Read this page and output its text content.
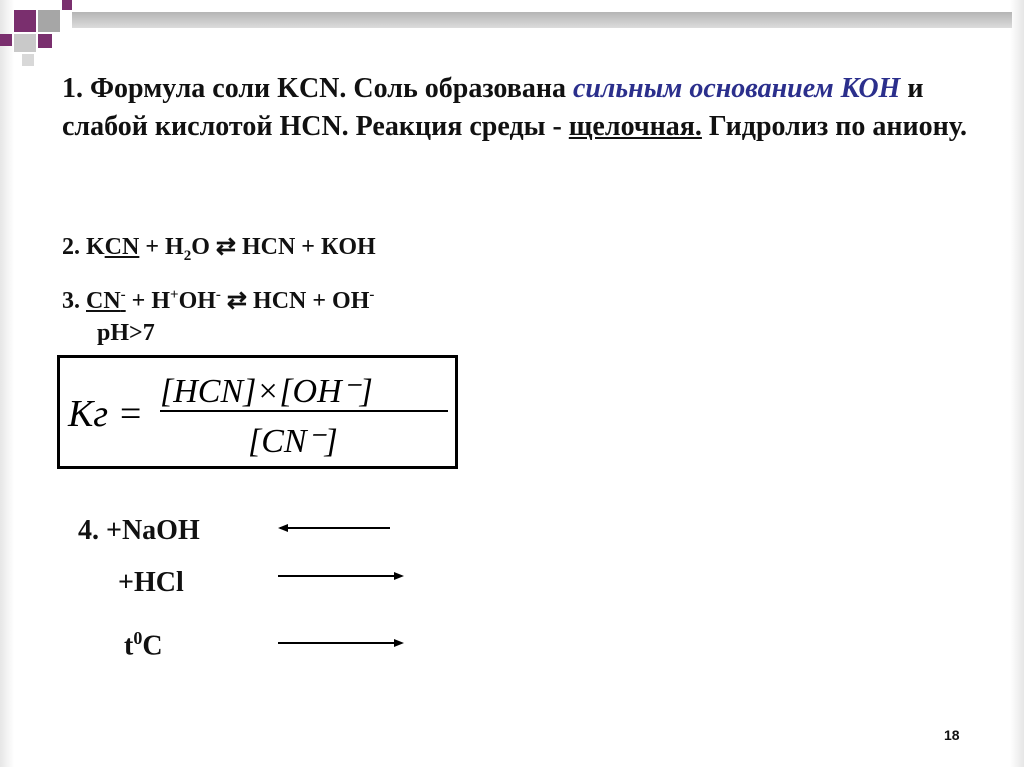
1. Формула соли KCN. Соль образована сильным основанием КОН и слабой кислотой HCN. Реакция среды - щелочная. Гидролиз по аниону.

2. KCN + $H_2O$ ⇄ HCN + КOH

3. CN- + H+OH- ⇄ HCN + OH-

pH>7

Кг =
[HCN]×[OH⁻]
[CN⁻]

4. +NaOH

+HCl

$t^0C$

18
